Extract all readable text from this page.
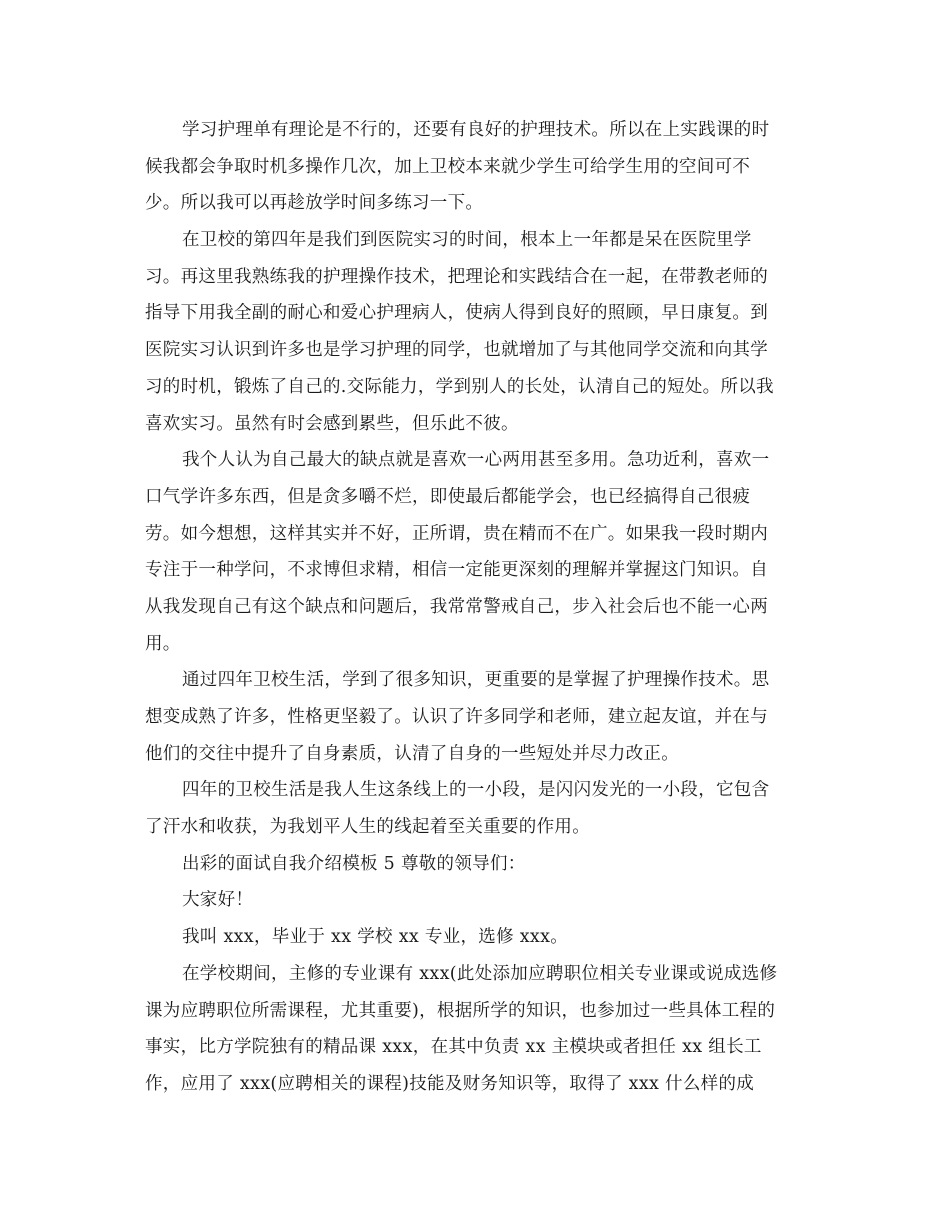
学习护理单有理论是不行的，还要有良好的护理技术。所以在上实践课的时
候我都会争取时机多操作几次，加上卫校本来就少学生可给学生用的空间可不
少。所以我可以再趁放学时间多练习一下。
在卫校的第四年是我们到医院实习的时间，根本上一年都是呆在医院里学
习。再这里我熟练我的护理操作技术，把理论和实践结合在一起，在带教老师的
指导下用我全副的耐心和爱心护理病人，使病人得到良好的照顾，早日康复。到
医院实习认识到许多也是学习护理的同学，也就增加了与其他同学交流和向其学
习的时机，锻炼了自己的.交际能力，学到别人的长处，认清自己的短处。所以我
喜欢实习。虽然有时会感到累些，但乐此不彼。
我个人认为自己最大的缺点就是喜欢一心两用甚至多用。急功近利，喜欢一
口气学许多东西，但是贪多嚼不烂，即使最后都能学会，也已经搞得自己很疲
劳。如今想想，这样其实并不好，正所谓，贵在精而不在广。如果我一段时期内
专注于一种学问，不求博但求精，相信一定能更深刻的理解并掌握这门知识。自
从我发现自己有这个缺点和问题后，我常常警戒自己，步入社会后也不能一心两
用。
通过四年卫校生活，学到了很多知识，更重要的是掌握了护理操作技术。思
想变成熟了许多，性格更坚毅了。认识了许多同学和老师，建立起友谊，并在与
他们的交往中提升了自身素质，认清了自身的一些短处并尽力改正。
四年的卫校生活是我人生这条线上的一小段，是闪闪发光的一小段，它包含
了汗水和收获，为我划平人生的线起着至关重要的作用。
出彩的面试自我介绍模板 5 尊敬的领导们：
大家好！
我叫 xxx，毕业于 xx 学校 xx 专业，选修 xxx。
在学校期间，主修的专业课有 xxx(此处添加应聘职位相关专业课或说成选修
课为应聘职位所需课程，尤其重要)，根据所学的知识，也参加过一些具体工程的
事实，比方学院独有的精品课 xxx，在其中负责 xx 主模块或者担任 xx 组长工
作，应用了 xxx(应聘相关的课程)技能及财务知识等，取得了 xxx 什么样的成
